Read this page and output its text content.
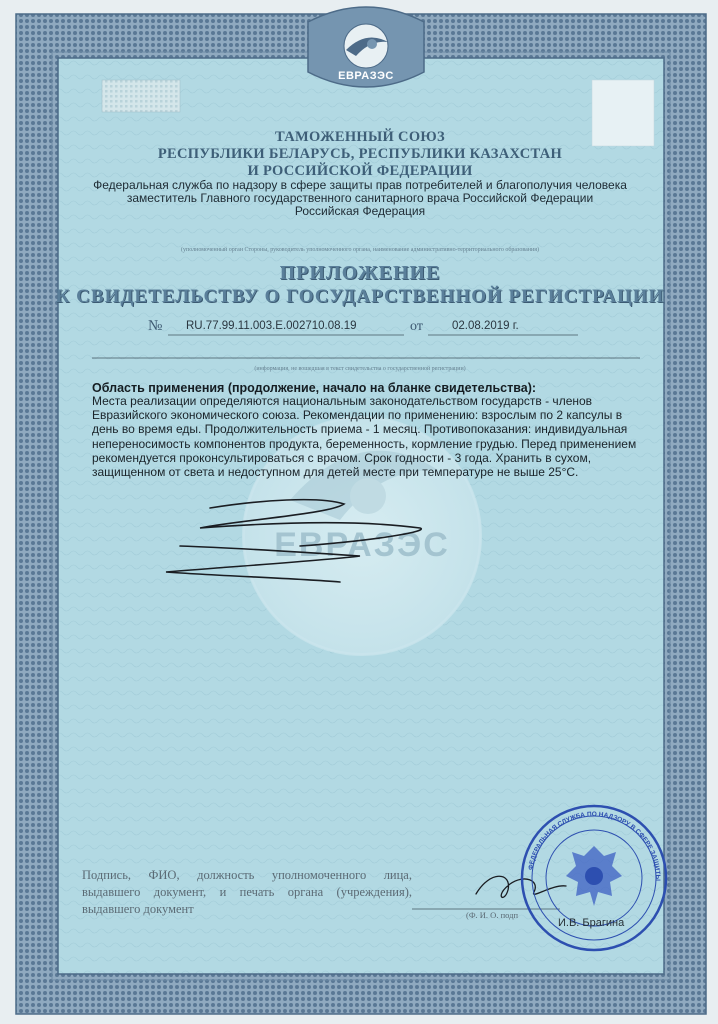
ЕВРАЗЭС
ФЕДЕРАЛЬНАЯ СЛУЖБА ПО НАДЗОРУ В СФЕРЕ ЗАЩИТЫ
ЕВРАЗЭС
ТАМОЖЕННЫЙ СОЮЗ
РЕСПУБЛИКИ БЕЛАРУСЬ, РЕСПУБЛИКИ КАЗАХСТАН
И РОССИЙСКОЙ ФЕДЕРАЦИИ
Федеральная служба по надзору в сфере защиты прав потребителей и благополучия человека
заместитель Главного государственного санитарного врача Российской Федерации
Российская Федерация
(уполномоченный орган Стороны, руководитель уполномоченного органа, наименование административно-территориального образования)
ПРИЛОЖЕНИЕ
К СВИДЕТЕЛЬСТВУ О ГОСУДАРСТВЕННОЙ РЕГИСТРАЦИИ
№ RU.77.99.11.003.E.002710.08.19	от	02.08.2019 г.
(информация, не вошедшая в текст свидетельства о государственной регистрации)
Область применения (продолжение, начало на бланке свидетельства):
Места реализации определяются национальным законодательством государств - членов
Евразийского экономического союза. Рекомендации по применению: взрослым по 2 капсулы в
день во время еды. Продолжительность приема - 1 месяц. Противопоказания: индивидуальная
непереносимость компонентов продукта, беременность, кормление грудью. Перед применением
рекомендуется проконсультироваться с врачом. Срок годности - 3 года. Хранить в сухом,
защищенном от света и недоступном для детей месте при температуре не выше 25°С.
Подпись, ФИО, должность уполномоченного лица, выдавшего документ, и печать органа (учреждения), выдавшего документ	(Ф. И. О. подп
И.В. Брагина
